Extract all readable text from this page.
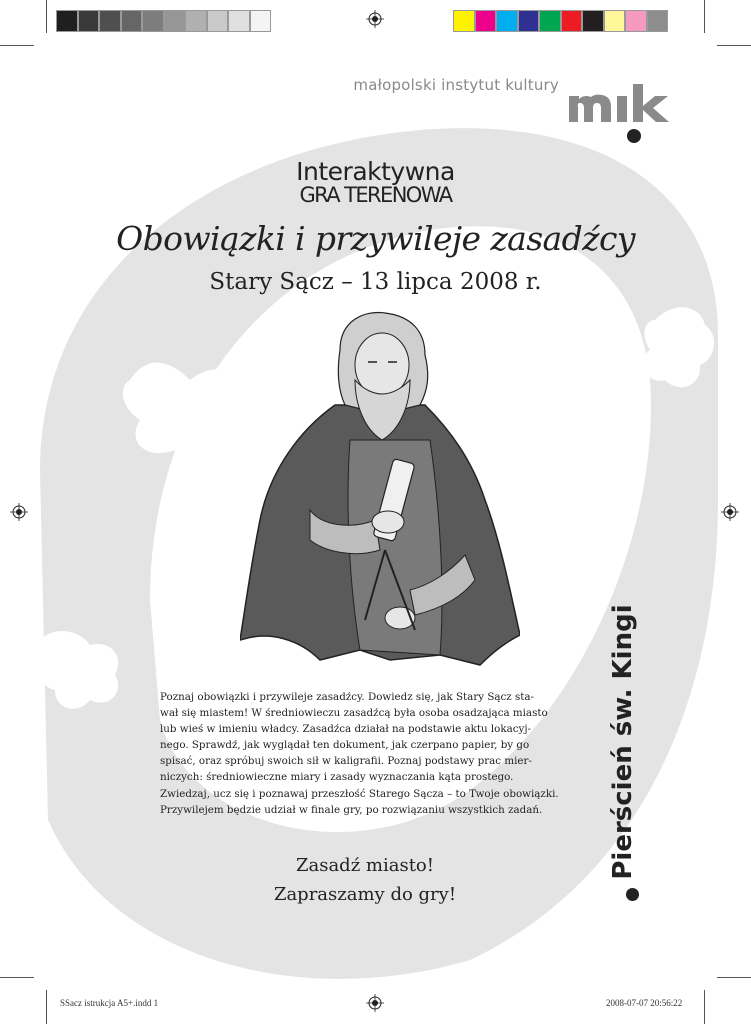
małopolski instytut kultury
Interaktywna
GRA TERENOWA
Obowiązki i przywileje zasadźcy
Stary Sącz – 13 lipca 2008 r.
Poznaj obowiązki i przywileje zasadźcy. Dowiedz się, jak Stary Sącz sta-
wał się miastem! W średniowieczu zasadźcą była osoba osadzająca miasto
lub wieś w imieniu władcy. Zasadźca działał na podstawie aktu lokacyj-
nego. Sprawdź, jak wyglądał ten dokument, jak czerpano papier, by go
spisać, oraz spróbuj swoich sił w kaligrafii. Poznaj podstawy prac mier-
niczych: średniowieczne miary i zasady wyznaczania kąta prostego.
Zwiedzaj, ucz się i poznawaj przeszłość Starego Sącza – to Twoje obowiązki.
Przywilejem będzie udział w finale gry, po rozwiązaniu wszystkich zadań.
Zasadź miasto!
Zapraszamy do gry!
Pierścień św. Kingi
SSacz istrukcja A5+.indd 1	2008-07-07 20:56:22
